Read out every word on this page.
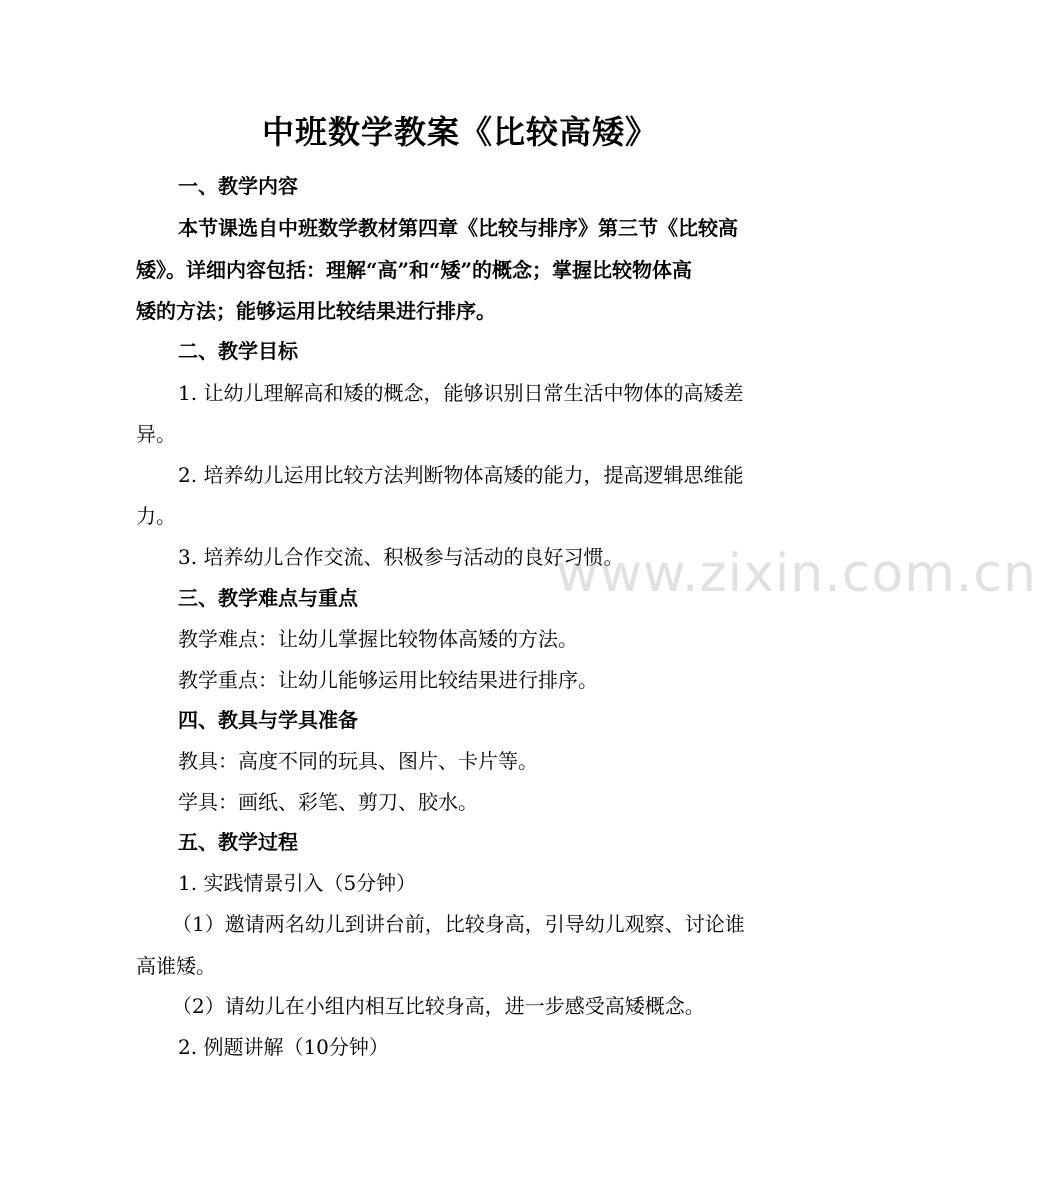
中班数学教案《比较高矮》
一、教学内容
本节课选自中班数学教材第四章《比较与排序》第三节《比较高
矮》。详细内容包括：理解“高”和“矮”的概念；掌握比较物体高
矮的方法；能够运用比较结果进行排序。
二、教学目标
1. 让幼儿理解高和矮的概念，能够识别日常生活中物体的高矮差
异。
2. 培养幼儿运用比较方法判断物体高矮的能力，提高逻辑思维能
力。
3. 培养幼儿合作交流、积极参与活动的良好习惯。
三、教学难点与重点
教学难点：让幼儿掌握比较物体高矮的方法。
教学重点：让幼儿能够运用比较结果进行排序。
四、教具与学具准备
教具：高度不同的玩具、图片、卡片等。
学具：画纸、彩笔、剪刀、胶水。
五、教学过程
1. 实践情景引入（5分钟）
（1）邀请两名幼儿到讲台前，比较身高，引导幼儿观察、讨论谁
高谁矮。
（2）请幼儿在小组内相互比较身高，进一步感受高矮概念。
2. 例题讲解（10分钟）
www.zixin.com.cn
